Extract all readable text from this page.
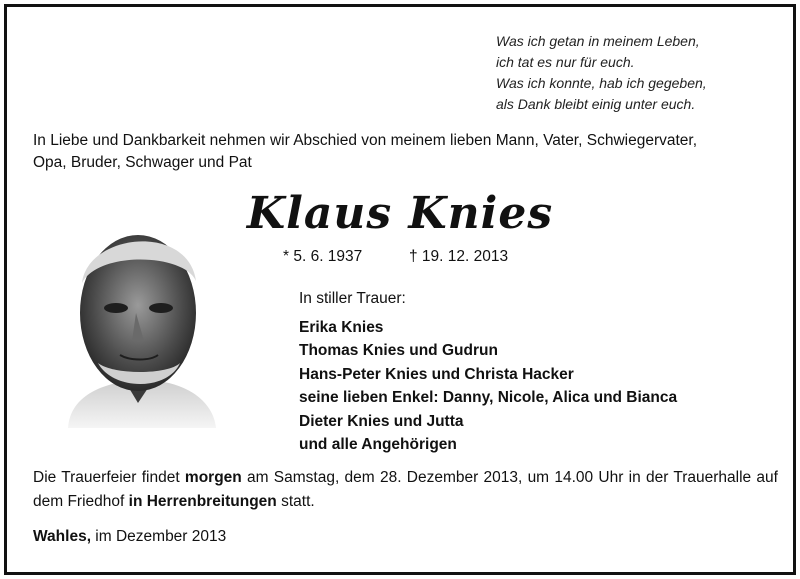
Was ich getan in meinem Leben,
ich tat es nur für euch.
Was ich konnte, hab ich gegeben,
als Dank bleibt einig unter euch.
In Liebe und Dankbarkeit nehmen wir Abschied von meinem lieben Mann, Vater, Schwiegervater,
Opa, Bruder, Schwager und Pat
Klaus Knies
* 5. 6. 1937	† 19. 12. 2013
In stiller Trauer:
Erika Knies
Thomas Knies und Gudrun
Hans-Peter Knies und Christa Hacker
seine lieben Enkel: Danny, Nicole, Alica und Bianca
Dieter Knies und Jutta
und alle Angehörigen
Die Trauerfeier findet morgen am Samstag, dem 28. Dezember 2013, um 14.00 Uhr in der Trauerhalle auf dem Friedhof in Herrenbreitungen statt.
Wahles, im Dezember 2013
